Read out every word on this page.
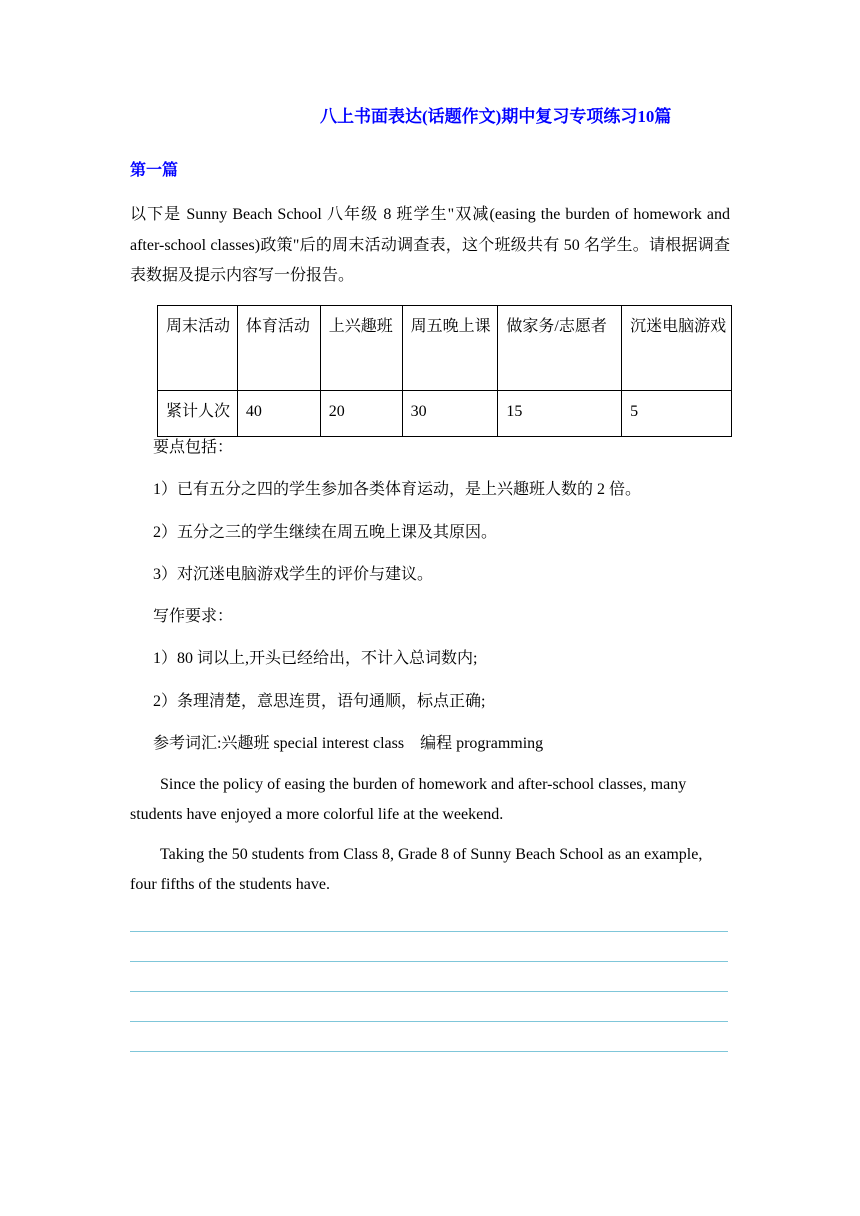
八上书面表达(话题作文)期中复习专项练习10篇
第一篇
以下是 Sunny Beach School 八年级 8 班学生"双减(easing the burden of homework and after-school classes)政策"后的周末活动调查表，这个班级共有 50 名学生。请根据调查表数据及提示内容写一份报告。
周末活动	体育活动	上兴趣班	周五晚上课	做家务/志愿者	沉迷电脑游戏
紧计人次	40	20	30	15	5
要点包括：
1）已有五分之四的学生参加各类体育运动，是上兴趣班人数的 2 倍。
2）五分之三的学生继续在周五晚上课及其原因。
3）对沉迷电脑游戏学生的评价与建议。
写作要求：
1）80 词以上,开头已经给出，不计入总词数内;
2）条理清楚，意思连贯，语句通顺，标点正确;
参考词汇:兴趣班 special interest class　编程 programming
Since the policy of easing the burden of homework and after-school classes, many students have enjoyed a more colorful life at the weekend.
Taking the 50 students from Class 8, Grade 8 of Sunny Beach School as an example, four fifths of the students have.
